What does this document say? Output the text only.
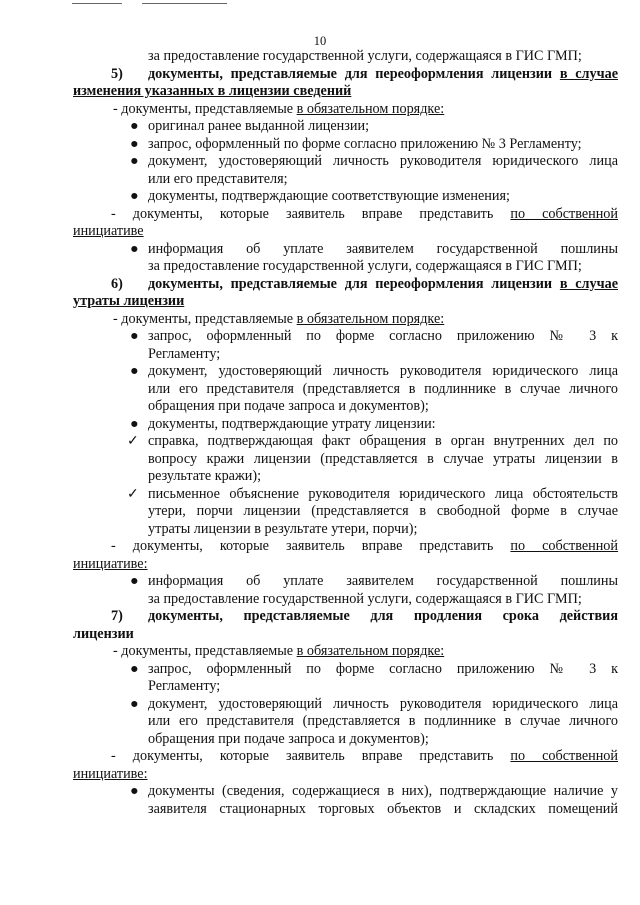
10
за предоставление государственной услуги, содержащаяся в ГИС ГМП;
5) документы, представляемые для переоформления лицензии в случае
изменения указанных в лицензии сведений
- документы, представляемые в обязательном порядке:
● оригинал ранее выданной лицензии;
● запрос, оформленный по форме согласно приложению № 3 Регламенту;
● документ, удостоверяющий личность руководителя юридического лица
или его представителя;
● документы, подтверждающие соответствующие изменения;
- документы, которые заявитель вправе представить по собственной
инициативе
● информация об уплате заявителем государственной пошлины
за предоставление государственной услуги, содержащаяся в ГИС ГМП;
6) документы, представляемые для переоформления лицензии в случае
утраты лицензии
- документы, представляемые в обязательном порядке:
● запрос, оформленный по форме согласно приложению № 3 к
Регламенту;
● документ, удостоверяющий личность руководителя юридического лица
или его представителя (представляется в подлиннике в случае личного
обращения при подаче запроса и документов);
● документы, подтверждающие утрату лицензии:
✓ справка, подтверждающая факт обращения в орган внутренних дел по
вопросу кражи лицензии (представляется в случае утраты лицензии в
результате кражи);
✓ письменное объяснение руководителя юридического лица обстоятельств
утери, порчи лицензии (представляется в свободной форме в случае
утраты лицензии в результате утери, порчи);
- документы, которые заявитель вправе представить по собственной
инициативе:
● информация об уплате заявителем государственной пошлины
за предоставление государственной услуги, содержащаяся в ГИС ГМП;
7) документы, представляемые для продления срока действия
лицензии
- документы, представляемые в обязательном порядке:
● запрос, оформленный по форме согласно приложению № 3 к
Регламенту;
● документ, удостоверяющий личность руководителя юридического лица
или его представителя (представляется в подлиннике в случае личного
обращения при подаче запроса и документов);
- документы, которые заявитель вправе представить по собственной
инициативе:
● документы (сведения, содержащиеся в них), подтверждающие наличие у
заявителя стационарных торговых объектов и складских помещений
